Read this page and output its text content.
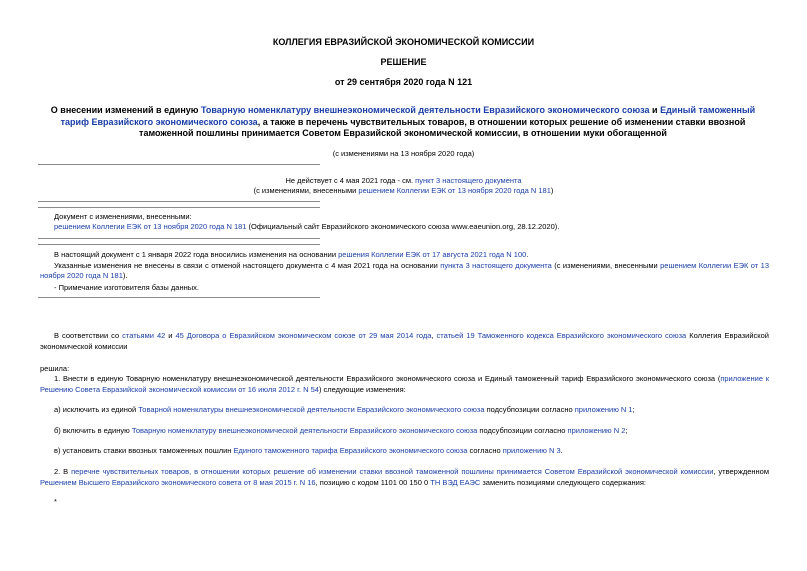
КОЛЛЕГИЯ ЕВРАЗИЙСКОЙ ЭКОНОМИЧЕСКОЙ КОМИССИИ
РЕШЕНИЕ
от 29 сентября 2020 года N 121
О внесении изменений в единую Товарную номенклатуру внешнеэкономической деятельности Евразийского экономического союза и Единый таможенный тариф Евразийского экономического союза, а также в перечень чувствительных товаров, в отношении которых решение об изменении ставки ввозной таможенной пошлины принимается Советом Евразийской экономической комиссии, в отношении муки обогащенной
(с изменениями на 13 ноября 2020 года)
Не действует с 4 мая 2021 года - см. пункт 3 настоящего документа
(с изменениями, внесенными решением Коллегии ЕЭК от 13 ноября 2020 года N 181)
Документ с изменениями, внесенными:
решением Коллегии ЕЭК от 13 ноября 2020 года N 181 (Официальный сайт Евразийского экономического союза www.eaeunion.org, 28.12.2020).
В настоящий документ с 1 января 2022 года вносились изменения на основании решения Коллегии ЕЭК от 17 августа 2021 года N 100.
Указанные изменения не внесены в связи с отменой настоящего документа с 4 мая 2021 года на основании пункта 3 настоящего документа (с изменениями, внесенными решением Коллегии ЕЭК от 13 ноября 2020 года N 181).
- Примечание изготовителя базы данных.
В соответствии со статьями 42 и 45 Договора о Евразийском экономическом союзе от 29 мая 2014 года, статьей 19 Таможенного кодекса Евразийского экономического союза Коллегия Евразийской экономической комиссии
решила:
1. Внести в единую Товарную номенклатуру внешнеэкономической деятельности Евразийского экономического союза и Единый таможенный тариф Евразийского экономического союза (приложение к Решению Совета Евразийской экономической комиссии от 16 июля 2012 г. N 54) следующие изменения:
а) исключить из единой Товарной номенклатуры внешнеэкономической деятельности Евразийского экономического союза подсубпозиции согласно приложению N 1;
б) включить в единую Товарную номенклатуру внешнеэкономической деятельности Евразийского экономического союза подсубпозиции согласно приложению N 2;
в) установить ставки ввозных таможенных пошлин Единого таможенного тарифа Евразийского экономического союза согласно приложению N 3.
2. В перечне чувствительных товаров, в отношении которых решение об изменении ставки ввозной таможенной пошлины принимается Советом Евразийской экономической комиссии, утвержденном Решением Высшего Евразийского экономического совета от 8 мая 2015 г. N 16, позицию с кодом 1101 00 150 0 ТН ВЭД ЕАЭС заменить позициями следующего содержания:
*
